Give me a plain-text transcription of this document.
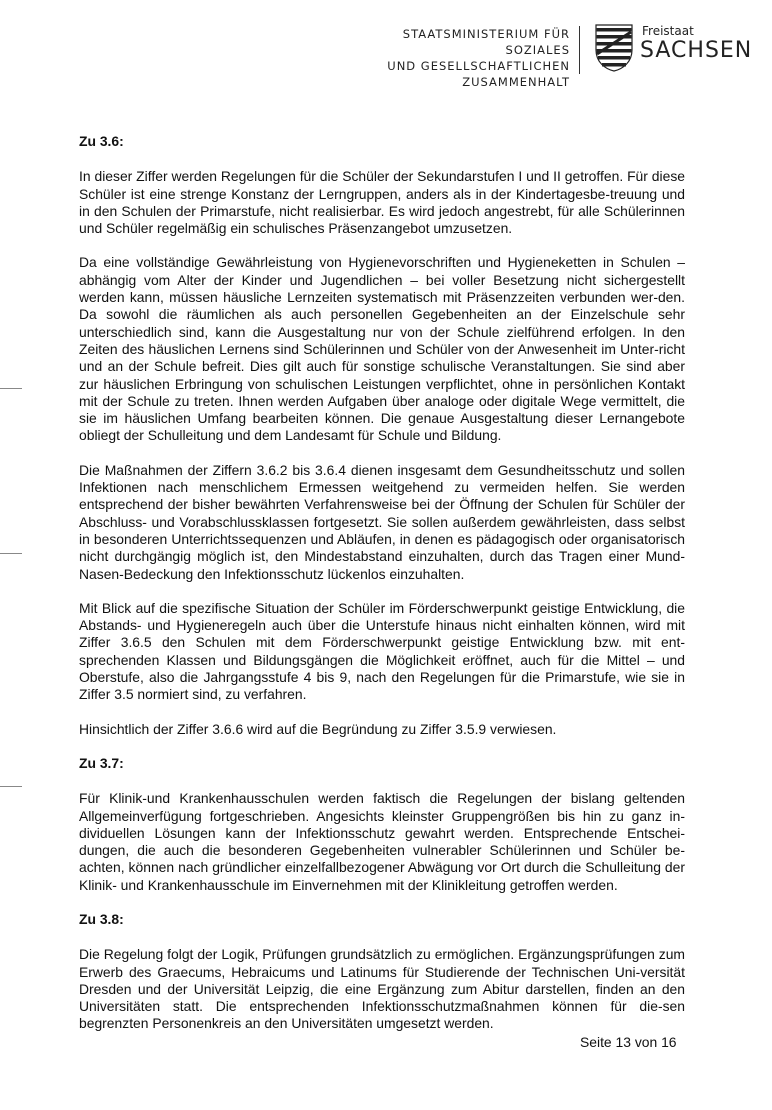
STAATSMINISTERIUM FÜR SOZIALES
UND GESELLSCHAFTLICHEN
ZUSAMMENHALT
Freistaat
SACHSEN
Zu 3.6:

In dieser Ziffer werden Regelungen für die Schüler der Sekundarstufen I und II getroffen. Für diese Schüler ist eine strenge Konstanz der Lerngruppen, anders als in der Kindertagesbe-treuung und in den Schulen der Primarstufe, nicht realisierbar. Es wird jedoch angestrebt, für alle Schülerinnen und Schüler regelmäßig ein schulisches Präsenzangebot umzusetzen.

Da eine vollständige Gewährleistung von Hygienevorschriften und Hygieneketten in Schulen – abhängig vom Alter der Kinder und Jugendlichen – bei voller Besetzung nicht sichergestellt werden kann, müssen häusliche Lernzeiten systematisch mit Präsenzzeiten verbunden wer-den. Da sowohl die räumlichen als auch personellen Gegebenheiten an der Einzelschule sehr unterschiedlich sind, kann die Ausgestaltung nur von der Schule zielführend erfolgen. In den Zeiten des häuslichen Lernens sind Schülerinnen und Schüler von der Anwesenheit im Unter-richt und an der Schule befreit. Dies gilt auch für sonstige schulische Veranstaltungen. Sie sind aber zur häuslichen Erbringung von schulischen Leistungen verpflichtet, ohne in persönlichen Kontakt mit der Schule zu treten. Ihnen werden Aufgaben über analoge oder digitale Wege vermittelt, die sie im häuslichen Umfang bearbeiten können. Die genaue Ausgestaltung dieser Lernangebote obliegt der Schulleitung und dem Landesamt für Schule und Bildung.

Die Maßnahmen der Ziffern 3.6.2 bis 3.6.4 dienen insgesamt dem Gesundheitsschutz und sollen Infektionen nach menschlichem Ermessen weitgehend zu vermeiden helfen. Sie werden entsprechend der bisher bewährten Verfahrensweise bei der Öffnung der Schulen für Schüler der Abschluss- und Vorabschlussklassen fortgesetzt. Sie sollen außerdem gewährleisten, dass selbst in besonderen Unterrichtssequenzen und Abläufen, in denen es pädagogisch oder organisatorisch nicht durchgängig möglich ist, den Mindestabstand einzuhalten, durch das Tragen einer Mund-Nasen-Bedeckung den Infektionsschutz lückenlos einzuhalten.

Mit Blick auf die spezifische Situation der Schüler im Förderschwerpunkt geistige Entwicklung, die Abstands- und Hygieneregeln auch über die Unterstufe hinaus nicht einhalten können, wird mit Ziffer 3.6.5 den Schulen mit dem Förderschwerpunkt geistige Entwicklung bzw. mit ent-sprechenden Klassen und Bildungsgängen die Möglichkeit eröffnet, auch für die Mittel – und Oberstufe, also die Jahrgangsstufe 4 bis 9, nach den Regelungen für die Primarstufe, wie sie in Ziffer 3.5 normiert sind, zu verfahren.

Hinsichtlich der Ziffer 3.6.6 wird auf die Begründung zu Ziffer 3.5.9 verwiesen.

Zu 3.7:

Für Klinik-und Krankenhausschulen werden faktisch die Regelungen der bislang geltenden Allgemeinverfügung fortgeschrieben. Angesichts kleinster Gruppengrößen bis hin zu ganz in-dividuellen Lösungen kann der Infektionsschutz gewahrt werden. Entsprechende Entschei-dungen, die auch die besonderen Gegebenheiten vulnerabler Schülerinnen und Schüler be-achten, können nach gründlicher einzelfallbezogener Abwägung vor Ort durch die Schulleitung der Klinik- und Krankenhausschule im Einvernehmen mit der Klinikleitung getroffen werden.

Zu 3.8:

Die Regelung folgt der Logik, Prüfungen grundsätzlich zu ermöglichen. Ergänzungsprüfungen zum Erwerb des Graecums, Hebraicums und Latinums für Studierende der Technischen Uni-versität Dresden und der Universität Leipzig, die eine Ergänzung zum Abitur darstellen, finden an den Universitäten statt. Die entsprechenden Infektionsschutzmaßnahmen können für die-sen begrenzten Personenkreis an den Universitäten umgesetzt werden.

Seite 13 von 16
